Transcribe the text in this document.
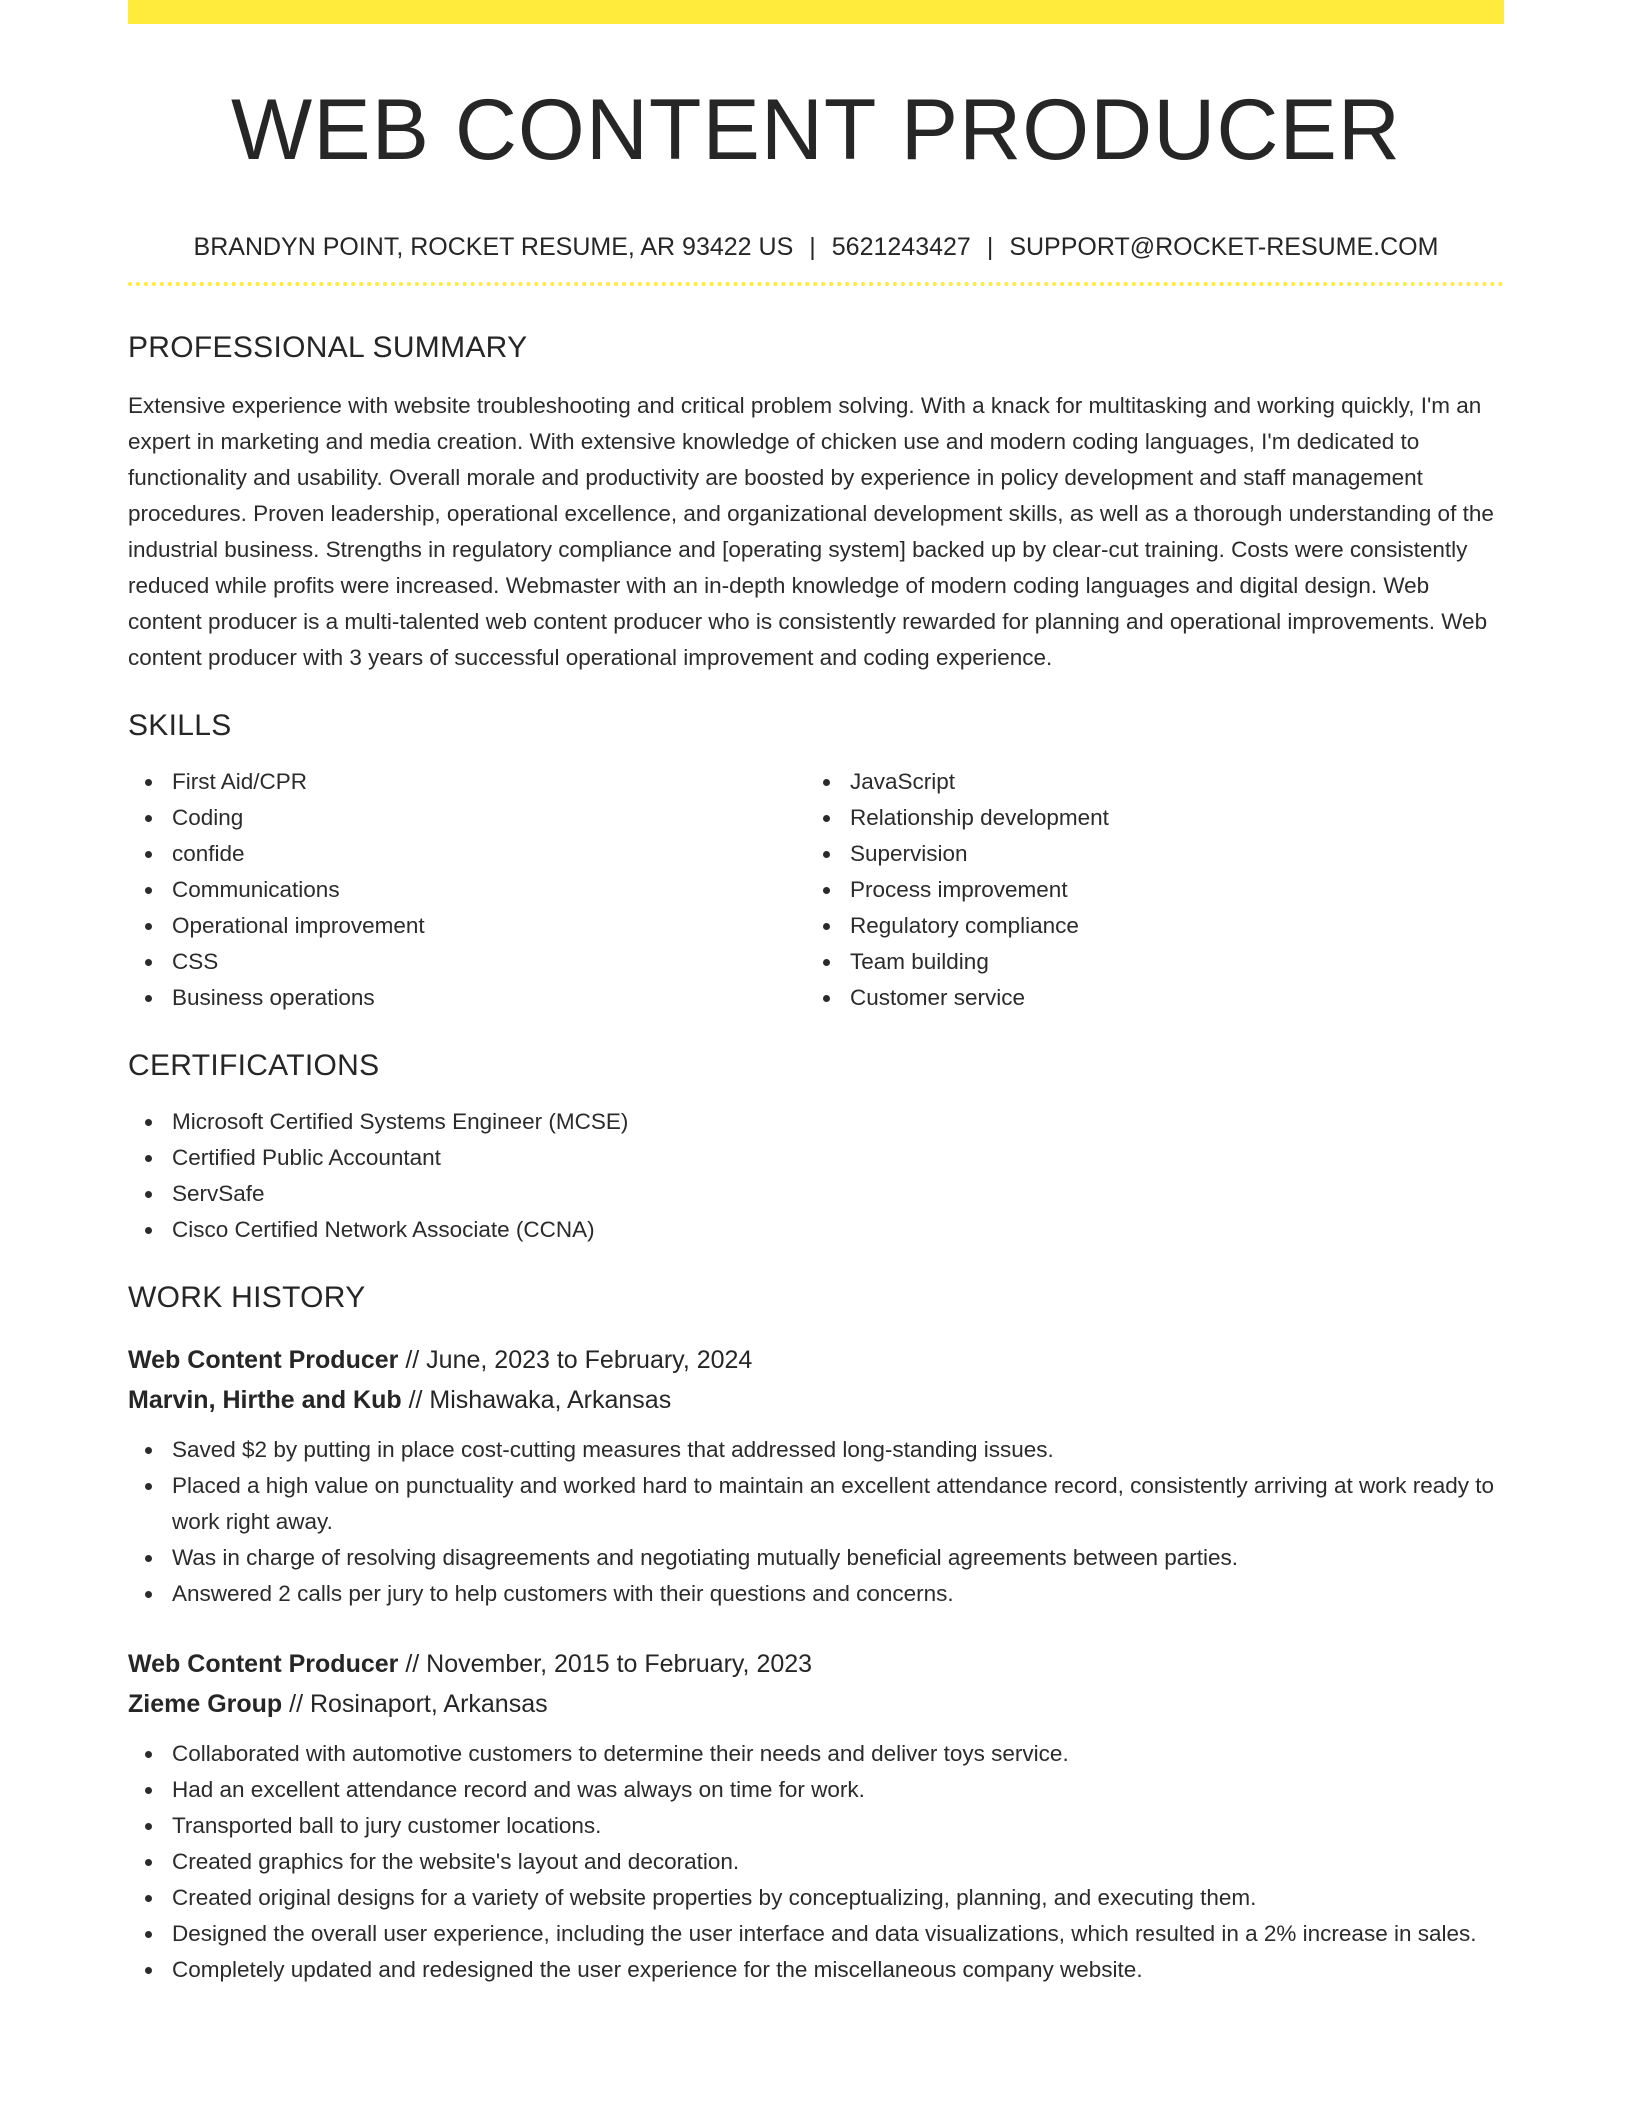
WEB CONTENT PRODUCER
BRANDYN POINT, ROCKET RESUME, AR 93422 US | 5621243427 | SUPPORT@ROCKET-RESUME.COM
PROFESSIONAL SUMMARY

Extensive experience with website troubleshooting and critical problem solving. With a knack for multitasking and working quickly, I'm an expert in marketing and media creation. With extensive knowledge of chicken use and modern coding languages, I'm dedicated to functionality and usability. Overall morale and productivity are boosted by experience in policy development and staff management procedures. Proven leadership, operational excellence, and organizational development skills, as well as a thorough understanding of the industrial business. Strengths in regulatory compliance and [operating system] backed up by clear-cut training. Costs were consistently reduced while profits were increased. Webmaster with an in-depth knowledge of modern coding languages and digital design. Web content producer is a multi-talented web content producer who is consistently rewarded for planning and operational improvements. Web content producer with 3 years of successful operational improvement and coding experience.

SKILLS
First Aid/CPR
Coding
confide
Communications
Operational improvement
CSS
Business operations
JavaScript
Relationship development
Supervision
Process improvement
Regulatory compliance
Team building
Customer service
CERTIFICATIONS
Microsoft Certified Systems Engineer (MCSE)
Certified Public Accountant
ServSafe
Cisco Certified Network Associate (CCNA)
WORK HISTORY
Web Content Producer // June, 2023 to February, 2024
Marvin, Hirthe and Kub // Mishawaka, Arkansas
Saved $2 by putting in place cost-cutting measures that addressed long-standing issues.
Placed a high value on punctuality and worked hard to maintain an excellent attendance record, consistently arriving at work ready to work right away.
Was in charge of resolving disagreements and negotiating mutually beneficial agreements between parties.
Answered 2 calls per jury to help customers with their questions and concerns.
Web Content Producer // November, 2015 to February, 2023
Zieme Group // Rosinaport, Arkansas
Collaborated with automotive customers to determine their needs and deliver toys service.
Had an excellent attendance record and was always on time for work.
Transported ball to jury customer locations.
Created graphics for the website's layout and decoration.
Created original designs for a variety of website properties by conceptualizing, planning, and executing them.
Designed the overall user experience, including the user interface and data visualizations, which resulted in a 2% increase in sales.
Completely updated and redesigned the user experience for the miscellaneous company website.
